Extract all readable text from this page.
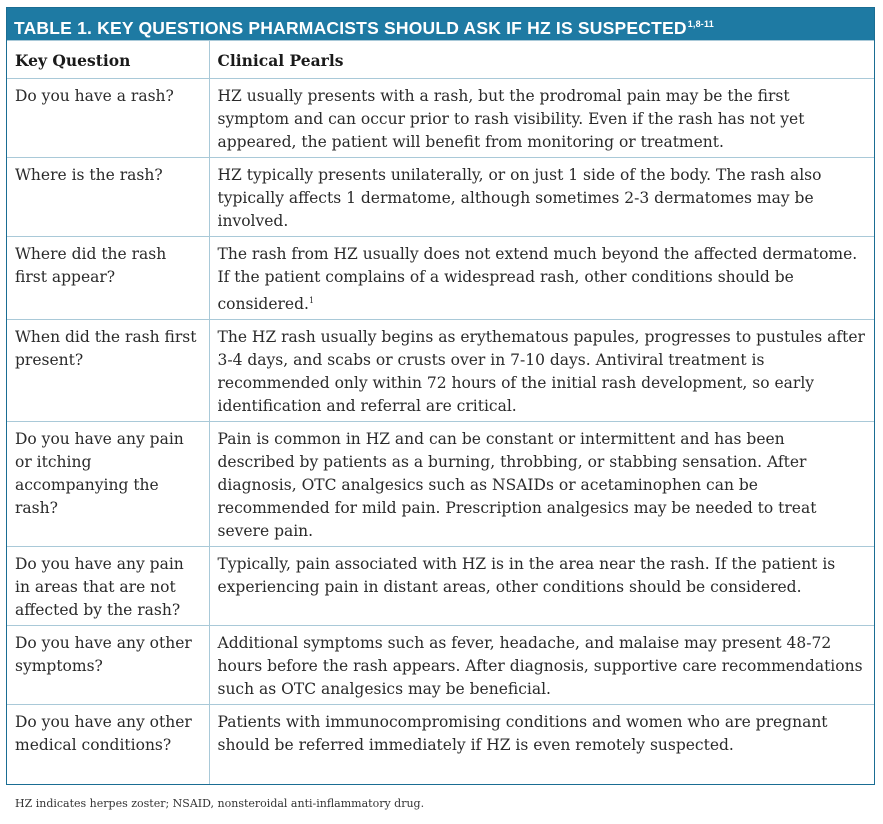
TABLE 1. KEY QUESTIONS PHARMACISTS SHOULD ASK IF HZ IS SUSPECTED$^{1,8-11}$
Key Question	Clinical Pearls
Do you have a rash?	HZ usually presents with a rash, but the prodromal pain may be the first symptom and can occur prior to rash visibility. Even if the rash has not yet appeared, the patient will benefit from monitoring or treatment.
Where is the rash?	HZ typically presents unilaterally, or on just 1 side of the body. The rash also typically affects 1 dermatome, although sometimes 2-3 dermatomes may be involved.
Where did the rash first appear?	The rash from HZ usually does not extend much beyond the affected dermatome. If the patient complains of a widespread rash, other conditions should be considered.$^1$
When did the rash first present?	The HZ rash usually begins as erythematous papules, progresses to pustules after 3-4 days, and scabs or crusts over in 7-10 days. Antiviral treatment is recommended only within 72 hours of the initial rash development, so early identification and referral are critical.
Do you have any pain or itching accompanying the rash?	Pain is common in HZ and can be constant or intermittent and has been described by patients as a burning, throbbing, or stabbing sensation. After diagnosis, OTC analgesics such as NSAIDs or acetaminophen can be recommended for mild pain. Prescription analgesics may be needed to treat severe pain.
Do you have any pain in areas that are not affected by the rash?	Typically, pain associated with HZ is in the area near the rash. If the patient is experiencing pain in distant areas, other conditions should be considered.
Do you have any other symptoms?	Additional symptoms such as fever, headache, and malaise may present 48-72 hours before the rash appears. After diagnosis, supportive care recommendations such as OTC analgesics may be beneficial.
Do you have any other medical conditions?	Patients with immunocompromising conditions and women who are pregnant should be referred immediately if HZ is even remotely suspected.
HZ indicates herpes zoster; NSAID, nonsteroidal anti-inflammatory drug.
